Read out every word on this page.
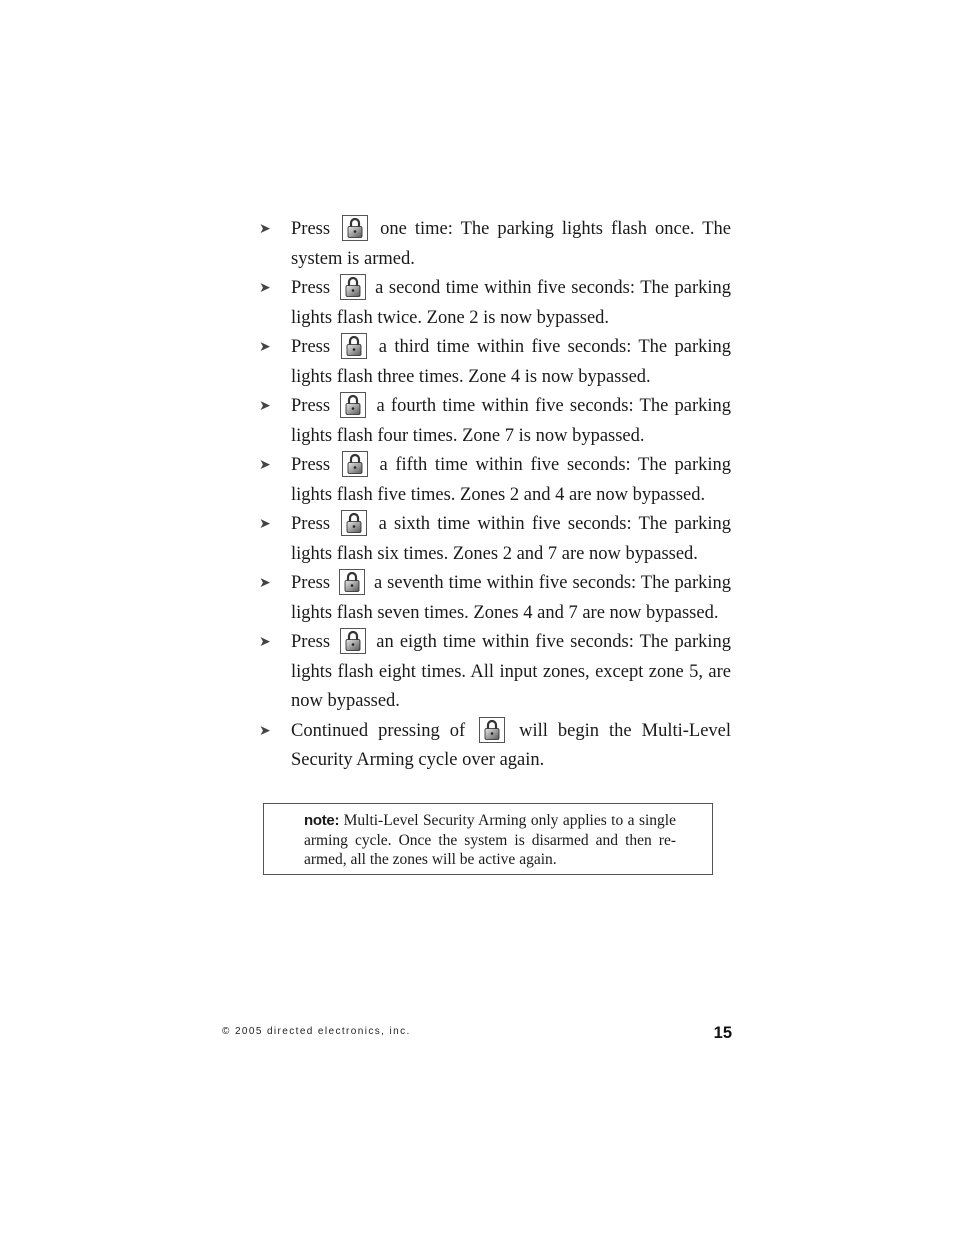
➤ Press	one time: The parking lights flash once. The system is armed.
➤ Press a second time within five seconds: The parking lights flash twice. Zone 2 is now bypassed.
➤ Press	a third time within five seconds: The parking lights flash three times. Zone 4 is now bypassed.
➤ Press	a fourth time within five seconds: The parking lights flash four times. Zone 7 is now bypassed.
➤ Press	a fifth time within five seconds: The parking lights flash five times. Zones 2 and 4 are now bypassed.
➤ Press	a sixth time within five seconds: The parking lights flash six times. Zones 2 and 7 are now bypassed.
➤ Press a seventh time within five seconds: The parking lights flash seven times. Zones 4 and 7 are now bypassed.
➤ Press an eigth time within five seconds: The parking lights flash eight times. All input zones, except zone 5, are now bypassed.
➤ Continued pressing of	will begin the Multi-Level Security Arming cycle over again.
note: Multi-Level Security Arming only applies to a single arming cycle. Once the system is disarmed and then re-armed, all the zones will be active again.
© 2005 directed electronics, inc.	15
